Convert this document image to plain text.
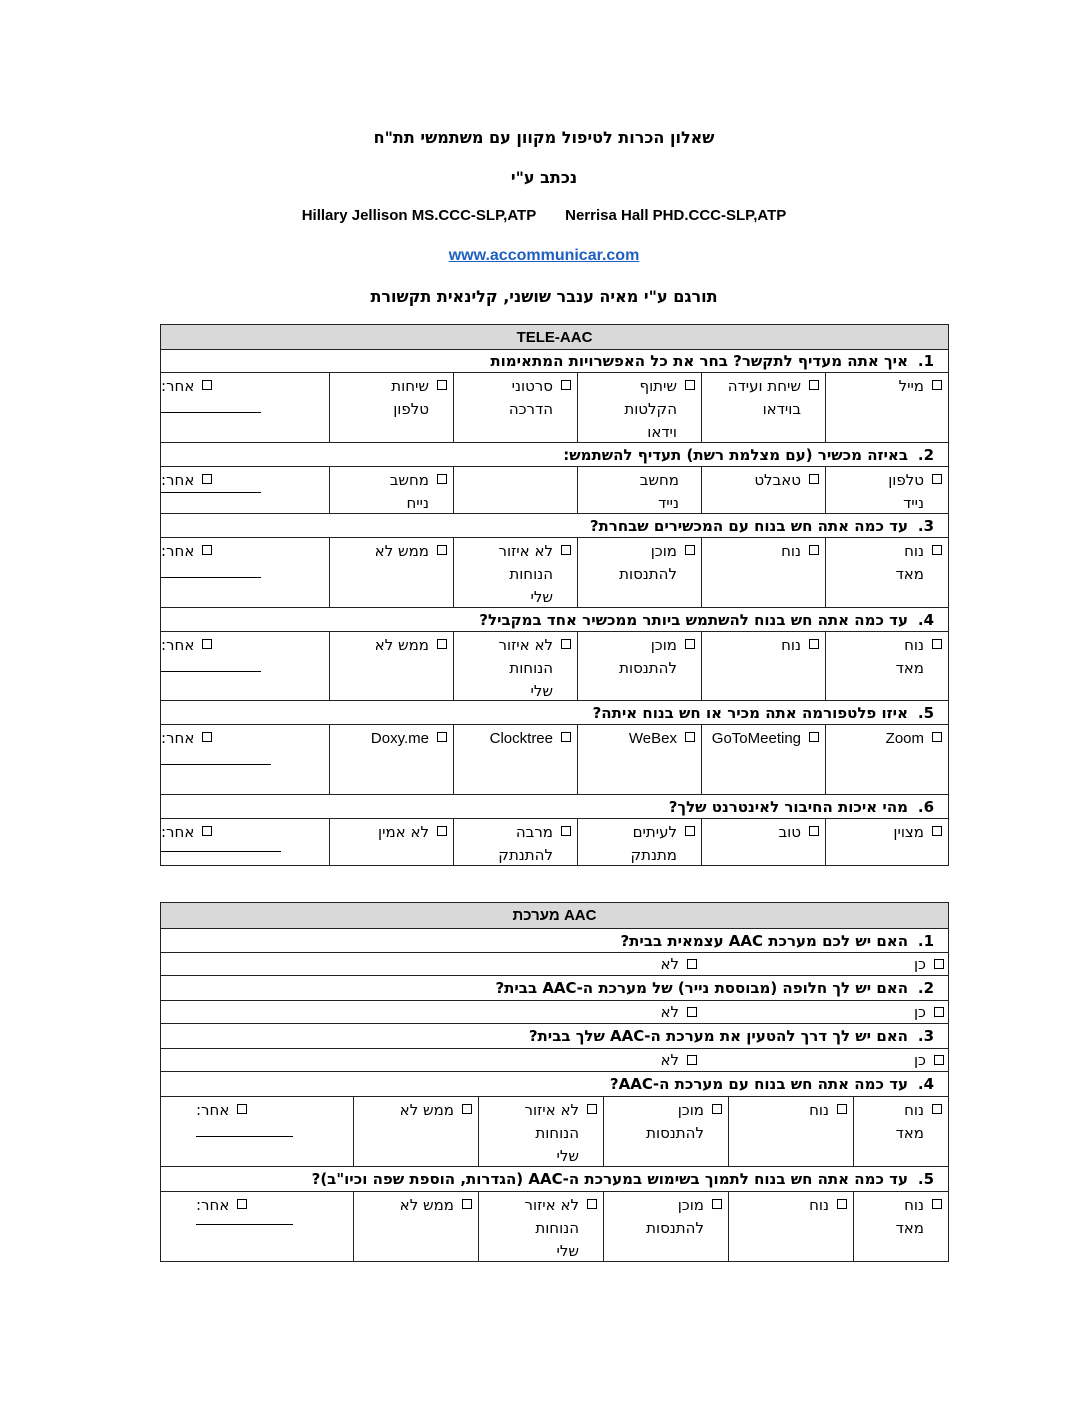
שאלון הכרות לטיפול מקוון עם משתמשי תת"ח
נכתב ע"י
Hillary Jellison MS.CCC-SLP,ATP Nerrisa Hall PHD.CCC-SLP,ATP
www.accommunicar.com
תורגם ע"י מאיה ענבר שושני, קלינאית תקשורת
TELE-AAC
1.
איך אתה מעדיף לתקשר? בחר את כל האפשרויות המתאימות
מייל
שיחת ועידה בוידאו
שיתוף הקלטות וידאו
סרטוני הדרכה
שיחות טלפון
אחר:
2.
באיזה מכשיר (עם מצלמת רשת) תעדיף להשתמש:
טלפון נייד
טאבלט
מחשב נייד
מחשב נייח
אחר:
3.
עד כמה אתה חש בנוח עם המכשירים שבחרת?
נוח מאד
נוח
מוכן להתנסות
לא איזור הנוחות שלי
ממש לא
אחר:
4.
עד כמה אתה חש בנוח להשתמש ביותר ממכשיר אחד במקביל?
נוח מאד
נוח
מוכן להתנסות
לא איזור הנוחות שלי
ממש לא
אחר:
5.
איזו פלטפורמה אתה מכיר או חש בנוח איתה?
Zoom
GoToMeeting
WeBex
Clocktree
Doxy.me
אחר:
6.
מהי איכות החיבור לאינטרנט שלך?
מצוין
טוב
לעיתים מתנתק
מרבה להתנתק
לא אמין
אחר:
מערכת AAC
1.
האם יש לכם מערכת AAC עצמאית בבית?
כן
לא
2.
האם יש לך חלופה (מבוססת נייר) של מערכת ה-AAC בבית?
כן
לא
3.
האם יש לך דרך להטעין את מערכת ה-AAC שלך בבית?
כן
לא
4.
עד כמה אתה חש בנוח עם מערכת ה-AAC?
נוח מאד
נוח
מוכן להתנסות
לא איזור הנוחות שלי
ממש לא
אחר:
5.
עד כמה אתה חש בנוח לתמוך בשימוש במערכת ה-AAC (הגדרות, הוספת שפה וכיו"ב)?
נוח מאד
נוח
מוכן להתנסות
לא איזור הנוחות שלי
ממש לא
אחר:
